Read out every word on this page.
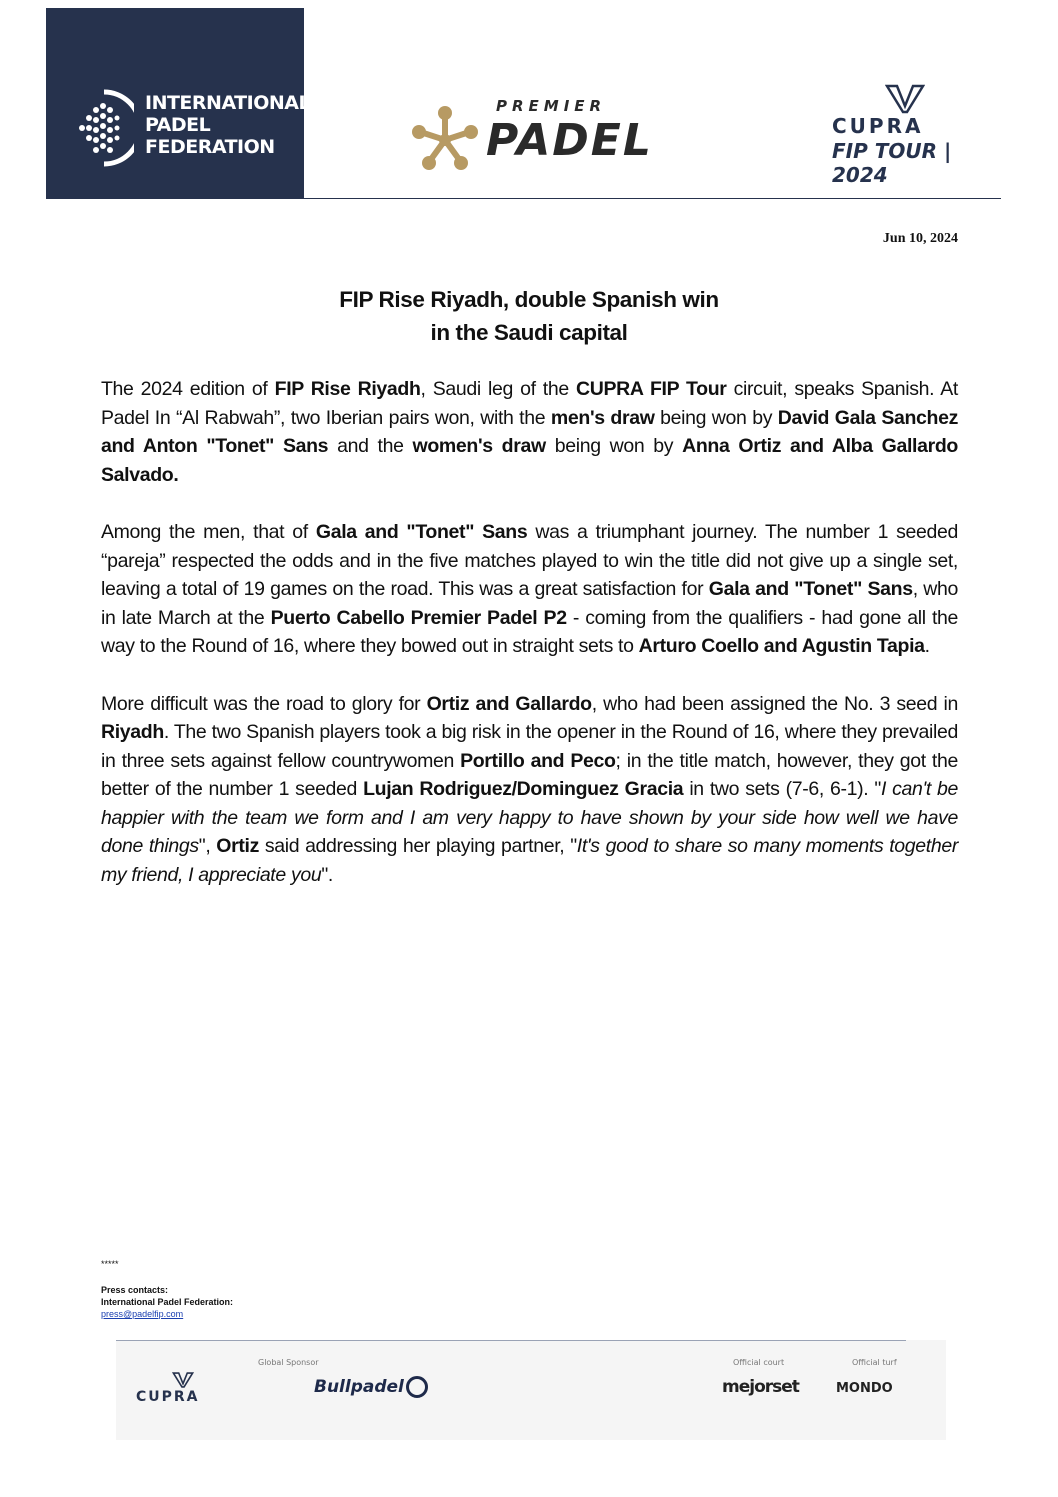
INTERNATIONAL
PADEL
FEDERATION
PREMIER
PADEL	CUPRA
FIP TOUR | 2024
Jun 10, 2024
FIP Rise Riyadh, double Spanish win
in the Saudi capital

The 2024 edition of FIP Rise Riyadh, Saudi leg of the CUPRA FIP Tour circuit, speaks Spanish. At Padel In “Al Rabwah”, two Iberian pairs won, with the men's draw being won by David Gala Sanchez and Anton "Tonet" Sans and the women's draw being won by Anna Ortiz and Alba Gallardo Salvado.

Among the men, that of Gala and "Tonet" Sans was a triumphant journey. The number 1 seeded “pareja” respected the odds and in the five matches played to win the title did not give up a single set, leaving a total of 19 games on the road. This was a great satisfaction for Gala and "Tonet" Sans, who in late March at the Puerto Cabello Premier Padel P2 - coming from the qualifiers - had gone all the way to the Round of 16, where they bowed out in straight sets to Arturo Coello and Agustin Tapia.

More difficult was the road to glory for Ortiz and Gallardo, who had been assigned the No. 3 seed in Riyadh. The two Spanish players took a big risk in the opener in the Round of 16, where they prevailed in three sets against fellow countrywomen Portillo and Peco; in the title match, however, they got the better of the number 1 seeded Lujan Rodriguez/Dominguez Gracia in two sets (7-6, 6-1). "I can't be happier with the team we form and I am very happy to have shown by your side how well we have done things", Ortiz said addressing her playing partner, "It's good to share so many moments together my friend, I appreciate you".

*****
Press contacts:
International Padel Federation:
press@padelfip.com
Global Sponsor	Official court	Official turf
CUPRA	Bullpadel	mejorset	MONDO
